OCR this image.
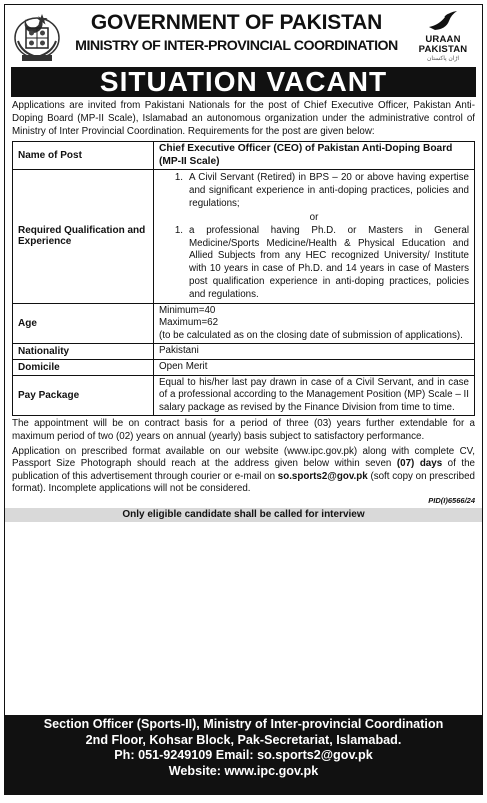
GOVERNMENT OF PAKISTAN
MINISTRY OF INTER-PROVINCIAL COORDINATION	URAAN
PAKISTAN
اڑان پاکستان
SITUATION VACANT
Applications are invited from Pakistani Nationals for the post of Chief Executive Officer, Pakistan Anti-Doping Board (MP-II Scale), Islamabad an autonomous organization under the administrative control of Ministry of Inter Provincial Coordination. Requirements for the post are given below:
Name of Post	Chief Executive Officer (CEO) of Pakistan Anti-Doping Board (MP-II Scale)
Required Qualification and Experience	1. A Civil Servant (Retired) in BPS – 20 or above having expertise and significant experience in anti-doping practices, policies and regulations;
or
1. a professional having Ph.D. or Masters in General Medicine/Sports Medicine/Health & Physical Education and Allied Subjects from any HEC recognized University/ Institute with 10 years in case of Ph.D. and 14 years in case of Masters post qualification experience in anti-doping practices, policies and regulations.

Age	Minimum=40
Maximum=62
(to be calculated as on the closing date of submission of applications).

Nationality	Pakistani
Domicile	Open Merit
Pay Package	Equal to his/her last pay drawn in case of a Civil Servant, and in case of a professional according to the Management Position (MP) Scale – II salary package as revised by the Finance Division from time to time.
The appointment will be on contract basis for a period of three (03) years further extendable for a maximum period of two (02) years on annual (yearly) basis subject to satisfactory performance.
Application on prescribed format available on our website (www.ipc.gov.pk) along with complete CV, Passport Size Photograph should reach at the address given below within seven (07) days of the publication of this advertisement through courier or e-mail on so.sports2@gov.pk (soft copy on prescribed format). Incomplete applications will not be considered.
PID(I)6566/24
Only eligible candidate shall be called for interview
Section Officer (Sports-II), Ministry of Inter-provincial Coordination
2nd Floor, Kohsar Block, Pak-Secretariat, Islamabad.
Ph: 051-9249109 Email: so.sports2@gov.pk
Website: www.ipc.gov.pk
